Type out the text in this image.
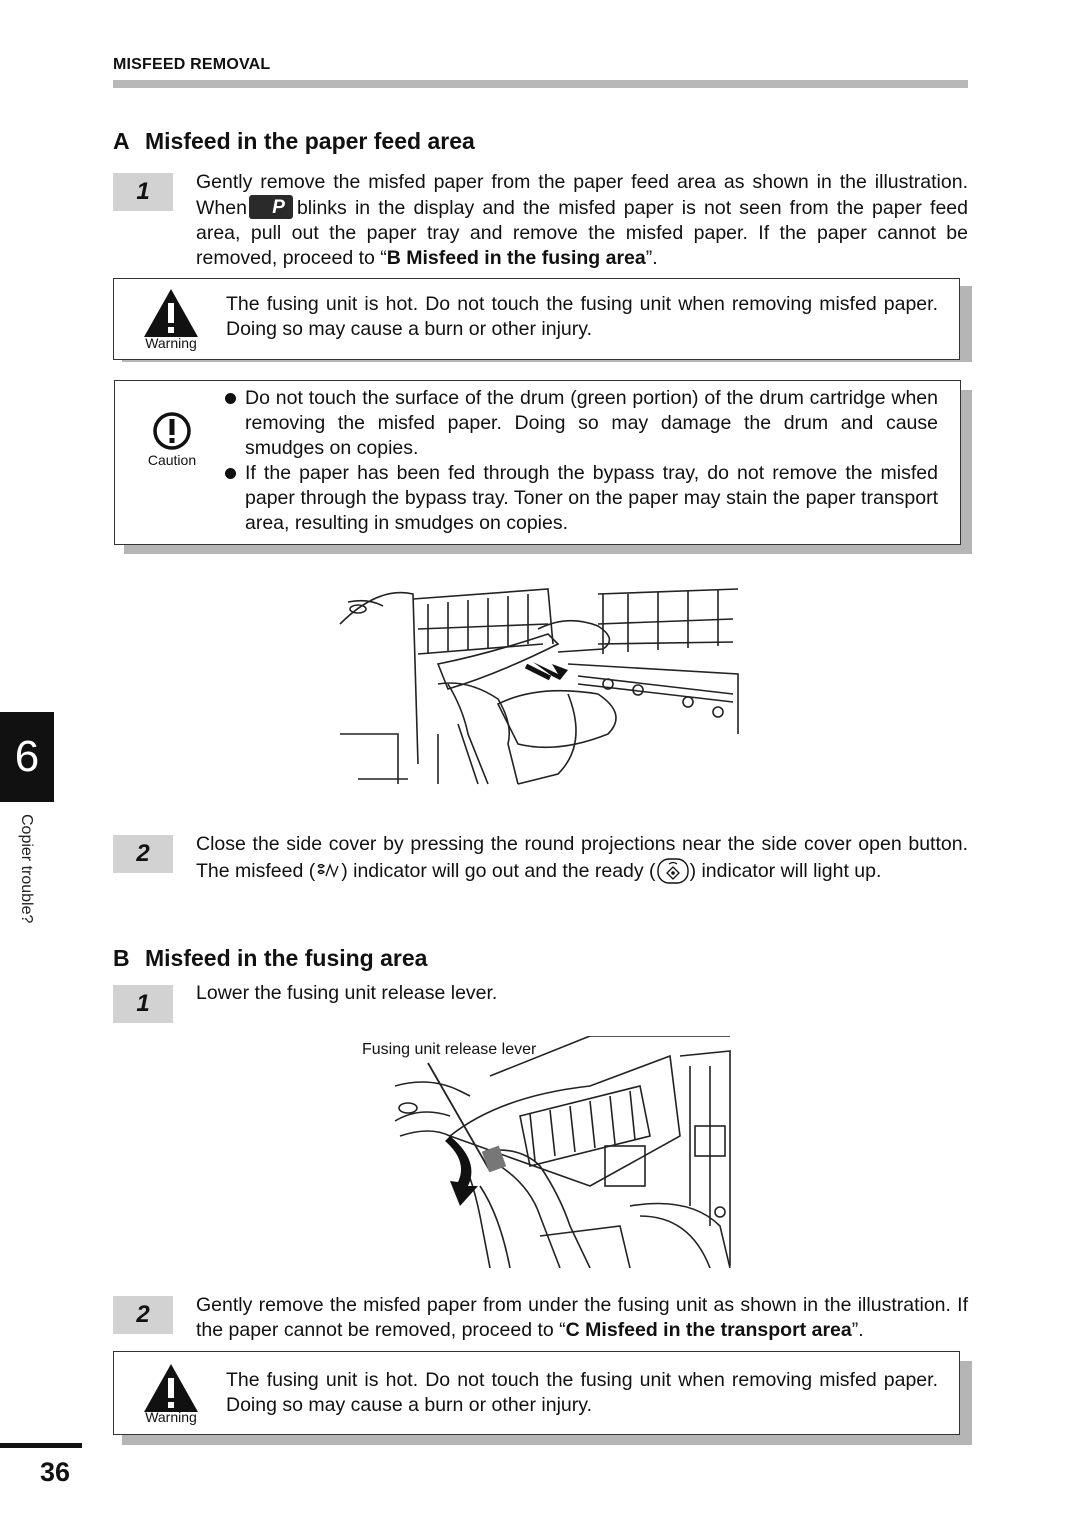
MISFEED REMOVAL
A Misfeed in the paper feed area
1	Gently remove the misfed paper from the paper feed area as shown in the illustration. When P blinks in the display and the misfed paper is not seen from the paper feed area, pull out the paper tray and remove the misfed paper. If the paper cannot be removed, proceed to “B Misfeed in the fusing area”.
Warning
The fusing unit is hot. Do not touch the fusing unit when removing misfed paper. Doing so may cause a burn or other injury.
Caution
Do not touch the surface of the drum (green portion) of the drum cartridge when removing the misfed paper. Doing so may damage the drum and cause smudges on copies.
If the paper has been fed through the bypass tray, do not remove the misfed paper through the bypass tray. Toner on the paper may stain the paper transport area, resulting in smudges on copies.
6
Copier trouble?	2	Close the side cover by pressing the round projections near the side cover open button. The misfeed ( ) indicator will go out and the ready ( ) indicator will light up.
B Misfeed in the fusing area
1	Lower the fusing unit release lever.
Fusing unit release lever
2	Gently remove the misfed paper from under the fusing unit as shown in the illustration. If the paper cannot be removed, proceed to “C Misfeed in the transport area”.
Warning
The fusing unit is hot. Do not touch the fusing unit when removing misfed paper. Doing so may cause a burn or other injury.
36
